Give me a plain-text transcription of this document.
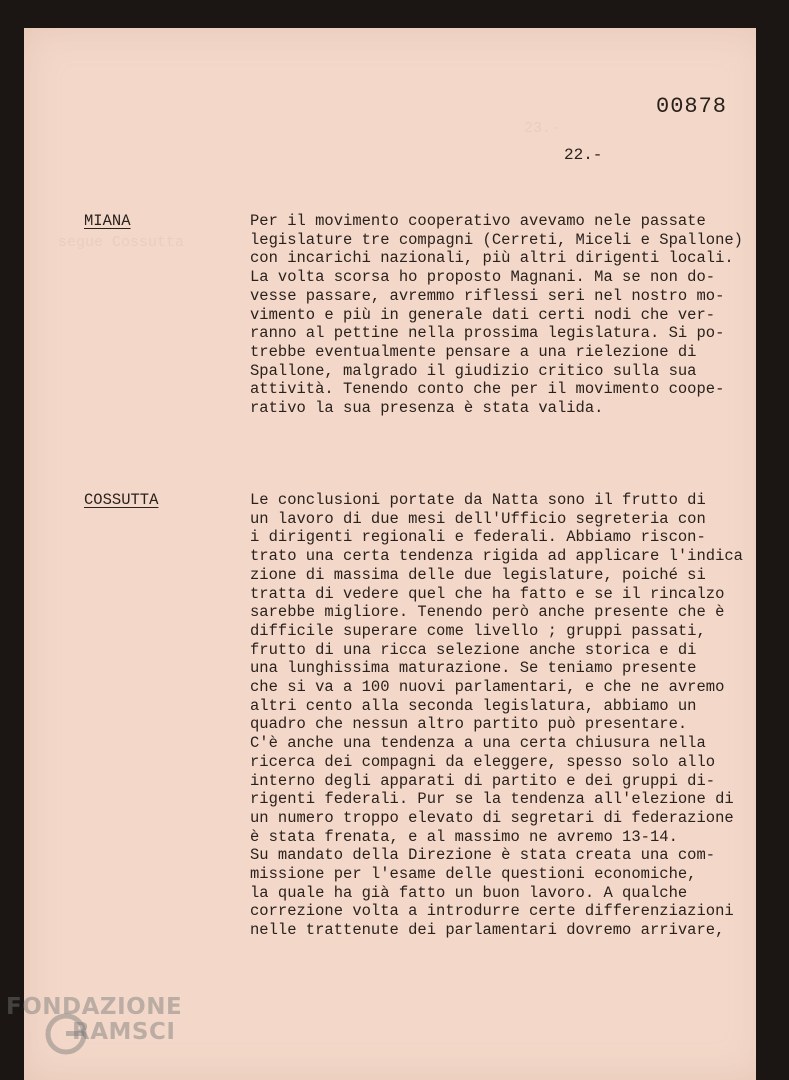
23.-
segue Cossutta
00878
22.-
MIANA	Per il movimento cooperativo avevamo nele passate
legislature tre compagni (Cerreti, Miceli e Spallone)
con incarichi nazionali, più altri dirigenti locali.
La volta scorsa ho proposto Magnani. Ma se non do-
vesse passare, avremmo riflessi seri nel nostro mo-
vimento e più in generale dati certi nodi che ver-
ranno al pettine nella prossima legislatura. Si po-
trebbe eventualmente pensare a una rielezione di
Spallone, malgrado il giudizio critico sulla sua
attività. Tenendo conto che per il movimento coope-
rativo la sua presenza è stata valida.
COSSUTTA	Le conclusioni portate da Natta sono il frutto di
un lavoro di due mesi dell'Ufficio segreteria con
i dirigenti regionali e federali. Abbiamo riscon-
trato una certa tendenza rigida ad applicare l'indica
zione di massima delle due legislature, poiché si
tratta di vedere quel che ha fatto e se il rincalzo
sarebbe migliore. Tenendo però anche presente che è
difficile superare come livello ; gruppi passati,
frutto di una ricca selezione anche storica e di
una lunghissima maturazione. Se teniamo presente
che si va a 100 nuovi parlamentari, e che ne avremo
altri cento alla seconda legislatura, abbiamo un
quadro che nessun altro partito può presentare.
C'è anche una tendenza a una certa chiusura nella
ricerca dei compagni da eleggere, spesso solo allo
interno degli apparati di partito e dei gruppi di-
rigenti federali. Pur se la tendenza all'elezione di
un numero troppo elevato di segretari di federazione
è stata frenata, e al massimo ne avremo 13-14.
Su mandato della Direzione è stata creata una com-
missione per l'esame delle questioni economiche,
la quale ha già fatto un buon lavoro. A qualche
correzione volta a introdurre certe differenziazioni
nelle trattenute dei parlamentari dovremo arrivare,
FONDAZIONE
RAMSCI
